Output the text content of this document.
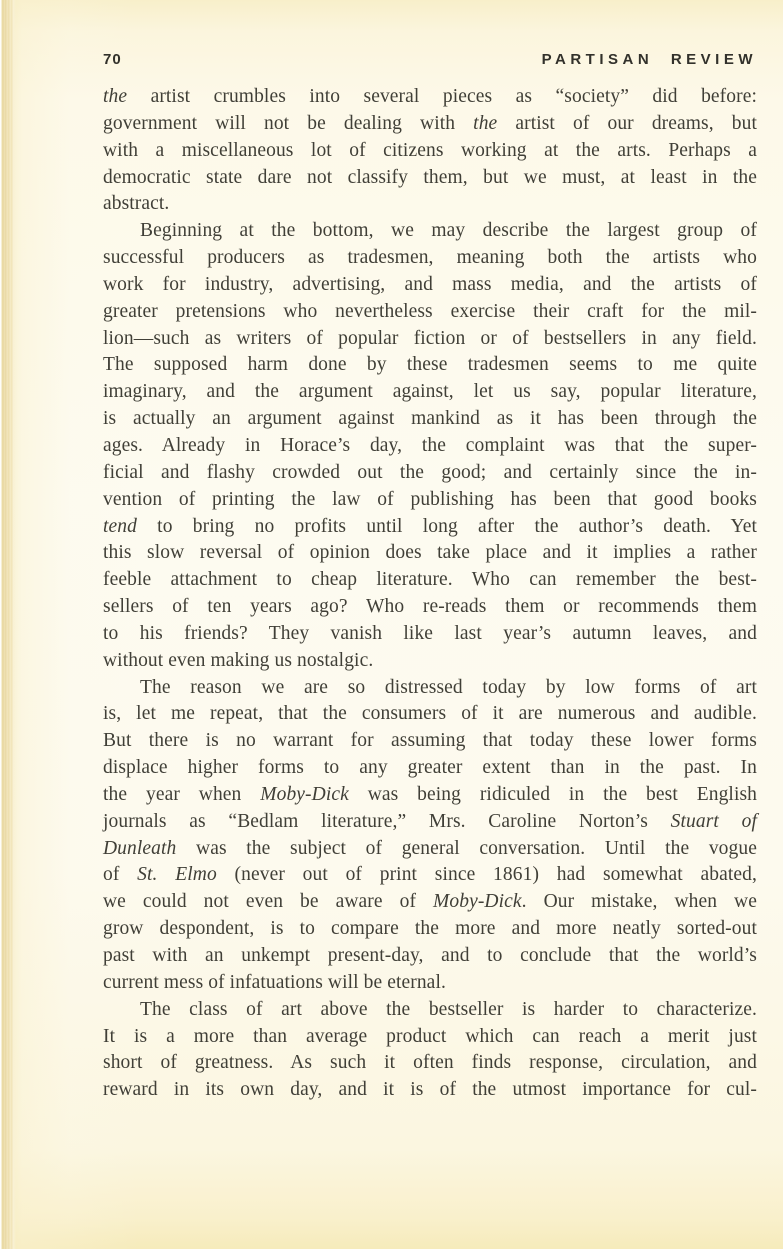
70	PARTISAN REVIEW
the artist crumbles into several pieces as “society” did before:
government will not be dealing with the artist of our dreams, but
with a miscellaneous lot of citizens working at the arts. Perhaps a
democratic state dare not classify them, but we must, at least in the
abstract.
Beginning at the bottom, we may describe the largest group of
successful producers as tradesmen, meaning both the artists who
work for industry, advertising, and mass media, and the artists of
greater pretensions who nevertheless exercise their craft for the mil-
lion—such as writers of popular fiction or of bestsellers in any field.
The supposed harm done by these tradesmen seems to me quite
imaginary, and the argument against, let us say, popular literature,
is actually an argument against mankind as it has been through the
ages. Already in Horace’s day, the complaint was that the super-
ficial and flashy crowded out the good; and certainly since the in-
vention of printing the law of publishing has been that good books
tend to bring no profits until long after the author’s death. Yet
this slow reversal of opinion does take place and it implies a rather
feeble attachment to cheap literature. Who can remember the best-
sellers of ten years ago? Who re-reads them or recommends them
to his friends? They vanish like last year’s autumn leaves, and
without even making us nostalgic.
The reason we are so distressed today by low forms of art
is, let me repeat, that the consumers of it are numerous and audible.
But there is no warrant for assuming that today these lower forms
displace higher forms to any greater extent than in the past. In
the year when Moby-Dick was being ridiculed in the best English
journals as “Bedlam literature,” Mrs. Caroline Norton’s Stuart of
Dunleath was the subject of general conversation. Until the vogue
of St. Elmo (never out of print since 1861) had somewhat abated,
we could not even be aware of Moby-Dick. Our mistake, when we
grow despondent, is to compare the more and more neatly sorted-out
past with an unkempt present-day, and to conclude that the world’s
current mess of infatuations will be eternal.
The class of art above the bestseller is harder to characterize.
It is a more than average product which can reach a merit just
short of greatness. As such it often finds response, circulation, and
reward in its own day, and it is of the utmost importance for cul-
